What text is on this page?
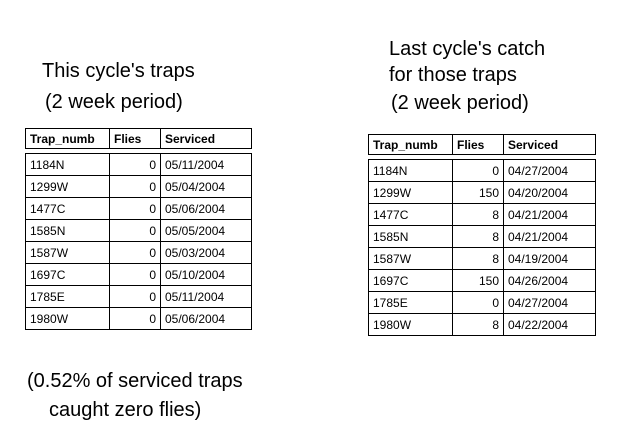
This cycle's traps
(2 week period)
Last cycle's catch
for those traps
(2 week period)
Trap_numb	Flies	Serviced

1184N	0	05/11/2004
1299W	0	05/04/2004
1477C	0	05/06/2004
1585N	0	05/05/2004
1587W	0	05/03/2004
1697C	0	05/10/2004
1785E	0	05/11/2004
1980W	0	05/06/2004
Trap_numb	Flies	Serviced

1184N	0	04/27/2004
1299W	150	04/20/2004
1477C	8	04/21/2004
1585N	8	04/21/2004
1587W	8	04/19/2004
1697C	150	04/26/2004
1785E	0	04/27/2004
1980W	8	04/22/2004
(0.52% of serviced traps
caught zero flies)
